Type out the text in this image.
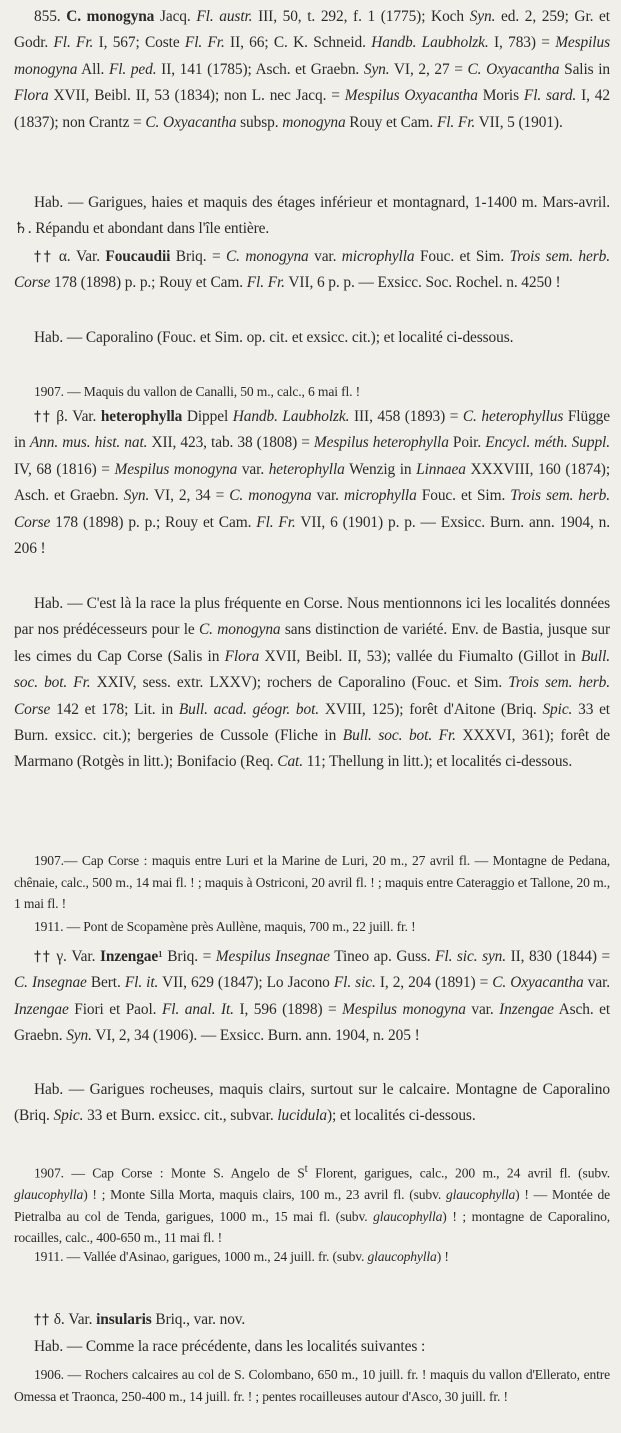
855. C. monogyna Jacq. Fl. austr. III, 50, t. 292, f. 1 (1775); Koch Syn. ed. 2, 259; Gr. et Godr. Fl. Fr. I, 567; Coste Fl. Fr. II, 66; C. K. Schneid. Handb. Laubholzk. I, 783) = Mespilus monogyna All. Fl. ped. II, 141 (1785); Asch. et Graebn. Syn. VI, 2, 27 = C. Oxyacantha Salis in Flora XVII, Beibl. II, 53 (1834); non L. nec Jacq. = Mespilus Oxyacantha Moris Fl. sard. I, 42 (1837); non Crantz = C. Oxyacantha subsp. monogyna Rouy et Cam. Fl. Fr. VII, 5 (1901).
Hab. — Garigues, haies et maquis des étages inférieur et montagnard, 1-1400 m. Mars-avril. ♄. Répandu et abondant dans l'île entière.
†† α. Var. Foucaudii Briq. = C. monogyna var. microphylla Fouc. et Sim. Trois sem. herb. Corse 178 (1898) p. p.; Rouy et Cam. Fl. Fr. VII, 6 p. p. — Exsicc. Soc. Rochel. n. 4250 !
Hab. — Caporalino (Fouc. et Sim. op. cit. et exsicc. cit.); et localité ci-dessous.
1907. — Maquis du vallon de Canalli, 50 m., calc., 6 mai fl. !
†† β. Var. heterophylla Dippel Handb. Laubholzk. III, 458 (1893) = C. heterophyllus Flügge in Ann. mus. hist. nat. XII, 423, tab. 38 (1808) = Mespilus heterophylla Poir. Encycl. méth. Suppl. IV, 68 (1816) = Mespilus monogyna var. heterophylla Wenzig in Linnaea XXXVIII, 160 (1874); Asch. et Graebn. Syn. VI, 2, 34 = C. monogyna var. microphylla Fouc. et Sim. Trois sem. herb. Corse 178 (1898) p. p.; Rouy et Cam. Fl. Fr. VII, 6 (1901) p. p. — Exsicc. Burn. ann. 1904, n. 206 !
Hab. — C'est là la race la plus fréquente en Corse. Nous mentionnons ici les localités données par nos prédécesseurs pour le C. monogyna sans distinction de variété. Env. de Bastia, jusque sur les cimes du Cap Corse (Salis in Flora XVII, Beibl. II, 53); vallée du Fiumalto (Gillot in Bull. soc. bot. Fr. XXIV, sess. extr. LXXV); rochers de Caporalino (Fouc. et Sim. Trois sem. herb. Corse 142 et 178; Lit. in Bull. acad. géogr. bot. XVIII, 125); forêt d'Aitone (Briq. Spic. 33 et Burn. exsicc. cit.); bergeries de Cussole (Fliche in Bull. soc. bot. Fr. XXXVI, 361); forêt de Marmano (Rotgès in litt.); Bonifacio (Req. Cat. 11; Thellung in litt.); et localités ci-dessous.
1907.— Cap Corse : maquis entre Luri et la Marine de Luri, 20 m., 27 avril fl. — Montagne de Pedana, chênaie, calc., 500 m., 14 mai fl. ! ; maquis à Ostriconi, 20 avril fl. ! ; maquis entre Cateraggio et Tallone, 20 m., 1 mai fl. !
1911. — Pont de Scopamène près Aullène, maquis, 700 m., 22 juill. fr. !
†† γ. Var. Inzengae¹ Briq. = Mespilus Insegnae Tineo ap. Guss. Fl. sic. syn. II, 830 (1844) = C. Insegnae Bert. Fl. it. VII, 629 (1847); Lo Jacono Fl. sic. I, 2, 204 (1891) = C. Oxyacantha var. Inzengae Fiori et Paol. Fl. anal. It. I, 596 (1898) = Mespilus monogyna var. Inzengae Asch. et Graebn. Syn. VI, 2, 34 (1906). — Exsicc. Burn. ann. 1904, n. 205 !
Hab. — Garigues rocheuses, maquis clairs, surtout sur le calcaire. Montagne de Caporalino (Briq. Spic. 33 et Burn. exsicc. cit., subvar. lucidula); et localités ci-dessous.
1907. — Cap Corse : Monte S. Angelo de $S^t$ Florent, garigues, calc., 200 m., 24 avril fl. (subv. glaucophylla) ! ; Monte Silla Morta, maquis clairs, 100 m., 23 avril fl. (subv. glaucophylla) ! — Montée de Pietralba au col de Tenda, garigues, 1000 m., 15 mai fl. (subv. glaucophylla) ! ; montagne de Caporalino, rocailles, calc., 400-650 m., 11 mai fl. !
1911. — Vallée d'Asinao, garigues, 1000 m., 24 juill. fr. (subv. glaucophylla) !
†† δ. Var. insularis Briq., var. nov.
Hab. — Comme la race précédente, dans les localités suivantes :
1906. — Rochers calcaires au col de S. Colombano, 650 m., 10 juill. fr. ! maquis du vallon d'Ellerato, entre Omessa et Traonca, 250-400 m., 14 juill. fr. ! ; pentes rocailleuses autour d'Asco, 30 juill. fr. !
